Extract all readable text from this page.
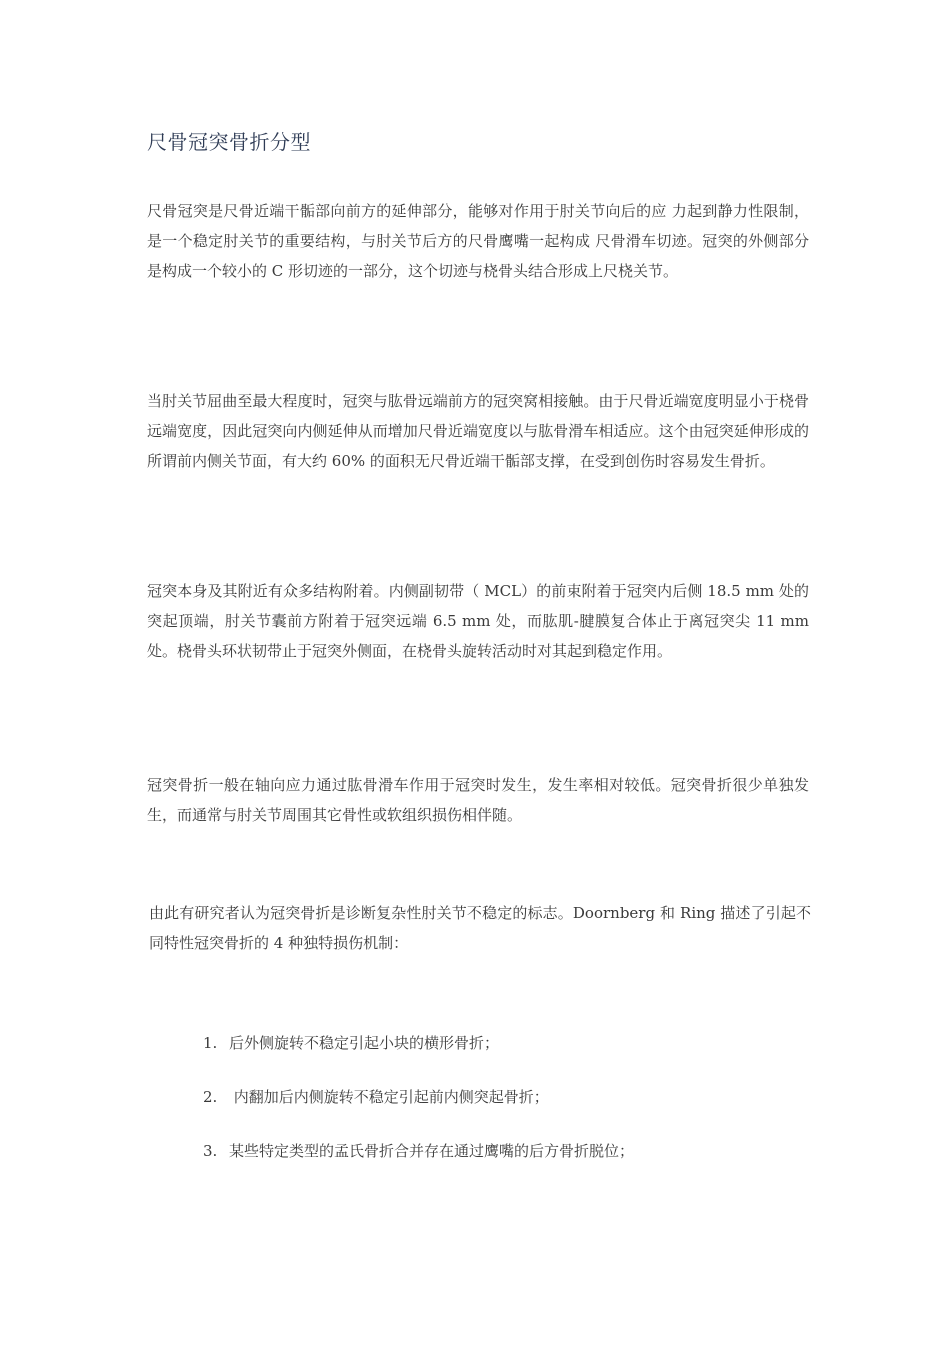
尺骨冠突骨折分型

尺骨冠突是尺骨近端干骺部向前方的延伸部分，能够对作用于肘关节向后的应 力起到静力性限制，是一个稳定肘关节的重要结构，与肘关节后方的尺骨鹰嘴一起构成 尺骨滑车切迹。冠突的外侧部分是构成一个较小的 C 形切迹的一部分，这个切迹与桡骨头结合形成上尺桡关节。

当肘关节屈曲至最大程度时，冠突与肱骨远端前方的冠突窝相接触。由于尺骨近端宽度明显小于桡骨远端宽度，因此冠突向内侧延伸从而增加尺骨近端宽度以与肱骨滑车相适应。这个由冠突延伸形成的所谓前内侧关节面，有大约 60% 的面积无尺骨近端干骺部支撑，在受到创伤时容易发生骨折。

冠突本身及其附近有众多结构附着。内侧副韧带（ MCL）的前束附着于冠突内后侧 18.5 mm 处的突起顶端，肘关节囊前方附着于冠突远端 6.5 mm 处，而肱肌-腱膜复合体止于离冠突尖 11 mm 处。桡骨头环状韧带止于冠突外侧面，在桡骨头旋转活动时对其起到稳定作用。

冠突骨折一般在轴向应力通过肱骨滑车作用于冠突时发生，发生率相对较低。冠突骨折很少单独发生，而通常与肘关节周围其它骨性或软组织损伤相伴随。

由此有研究者认为冠突骨折是诊断复杂性肘关节不稳定的标志。Doornberg 和 Ring 描述了引起不同特性冠突骨折的 4 种独特损伤机制：

1. 后外侧旋转不稳定引起小块的横形骨折；
2. 内翻加后内侧旋转不稳定引起前内侧突起骨折；
3. 某些特定类型的孟氏骨折合并存在通过鹰嘴的后方骨折脱位；
